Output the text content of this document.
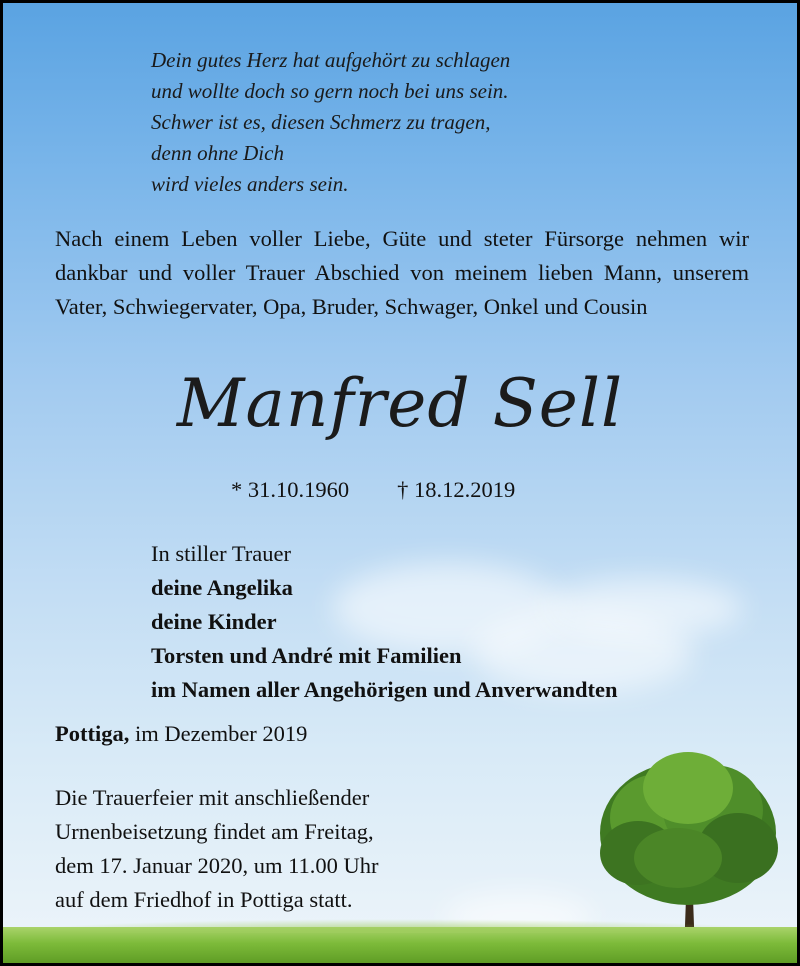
Dein gutes Herz hat aufgehört zu schlagen
und wollte doch so gern noch bei uns sein.
Schwer ist es, diesen Schmerz zu tragen,
denn ohne Dich
wird vieles anders sein.
Nach einem Leben voller Liebe, Güte und steter Fürsorge nehmen wir dankbar und voller Trauer Abschied von meinem lieben Mann, unserem Vater, Schwiegervater, Opa, Bruder, Schwager, Onkel und Cousin
Manfred Sell
* 31.10.1960 † 18.12.2019
In stiller Trauer
deine Angelika
deine Kinder
Torsten und André mit Familien
im Namen aller Angehörigen und Anverwandten
Pottiga, im Dezember 2019
Die Trauerfeier mit anschließender
Urnenbeisetzung findet am Freitag,
dem 17. Januar 2020, um 11.00 Uhr
auf dem Friedhof in Pottiga statt.
